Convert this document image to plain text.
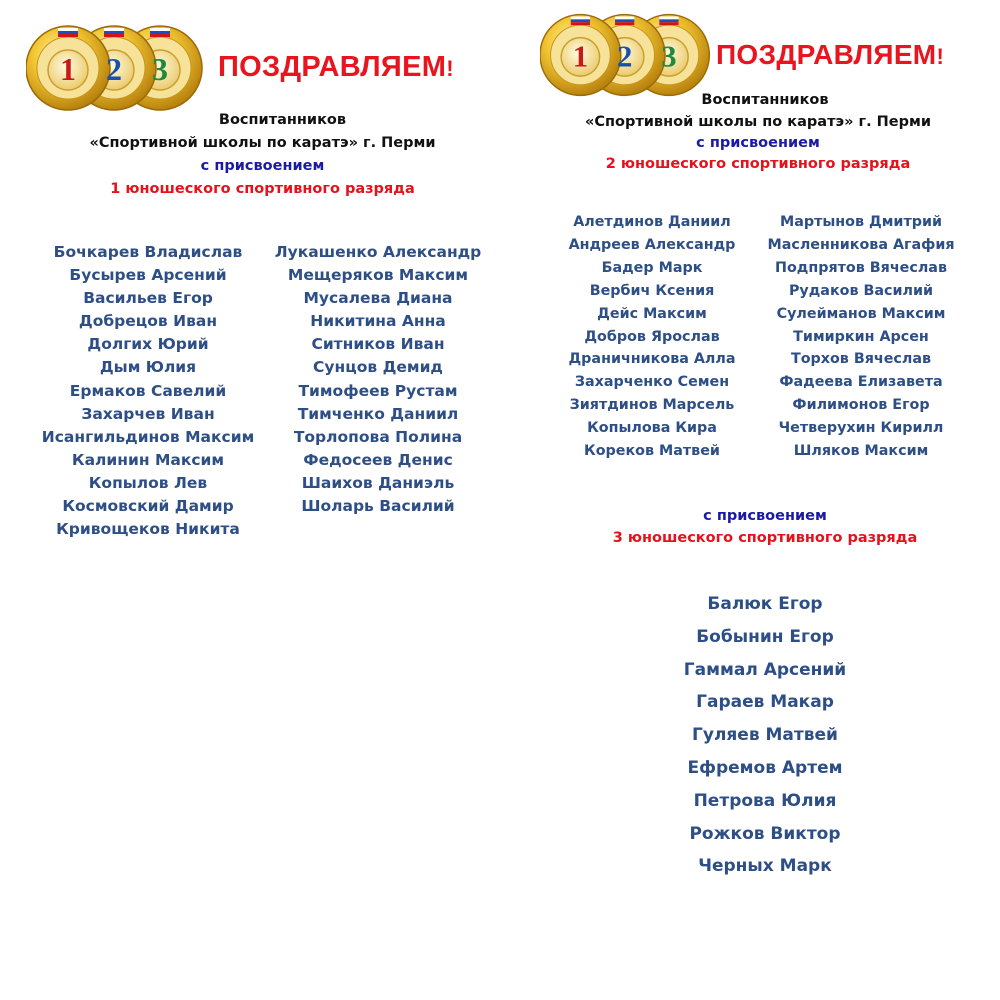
1 2 3 ПОЗДРАВЛЯЕМ!
Воспитанников
«Спортивной школы по каратэ» г. Перми
с присвоением
1 юношеского спортивного разряда
Бочкарев Владислав
Бусырев Арсений
Васильев Егор
Добрецов Иван
Долгих Юрий
Дым Юлия
Ермаков Савелий
Захарчев Иван
Исангильдинов Максим
Калинин Максим
Копылов Лев
Космовский Дамир
Кривощеков Никита
Лукашенко Александр
Мещеряков Максим
Мусалева Диана
Никитина Анна
Ситников Иван
Сунцов Демид
Тимофеев Рустам
Тимченко Даниил
Торлопова Полина
Федосеев Денис
Шаихов Даниэль
Шоларь Василий
1 2 3 ПОЗДРАВЛЯЕМ!
Воспитанников
«Спортивной школы по каратэ» г. Перми
с присвоением
2 юношеского спортивного разряда
Алетдинов Даниил
Андреев Александр
Бадер Марк
Вербич Ксения
Дейс Максим
Добров Ярослав
Драничникова Алла
Захарченко Семен
Зиятдинов Марсель
Копылова Кира
Кореков Матвей
Мартынов Дмитрий
Масленникова Агафия
Подпрятов Вячеслав
Рудаков Василий
Сулейманов Максим
Тимиркин Арсен
Торхов Вячеслав
Фадеева Елизавета
Филимонов Егор
Четверухин Кирилл
Шляков Максим
с присвоением
3 юношеского спортивного разряда
Балюк Егор
Бобынин Егор
Гаммал Арсений
Гараев Макар
Гуляев Матвей
Ефремов Артем
Петрова Юлия
Рожков Виктор
Черных Марк
